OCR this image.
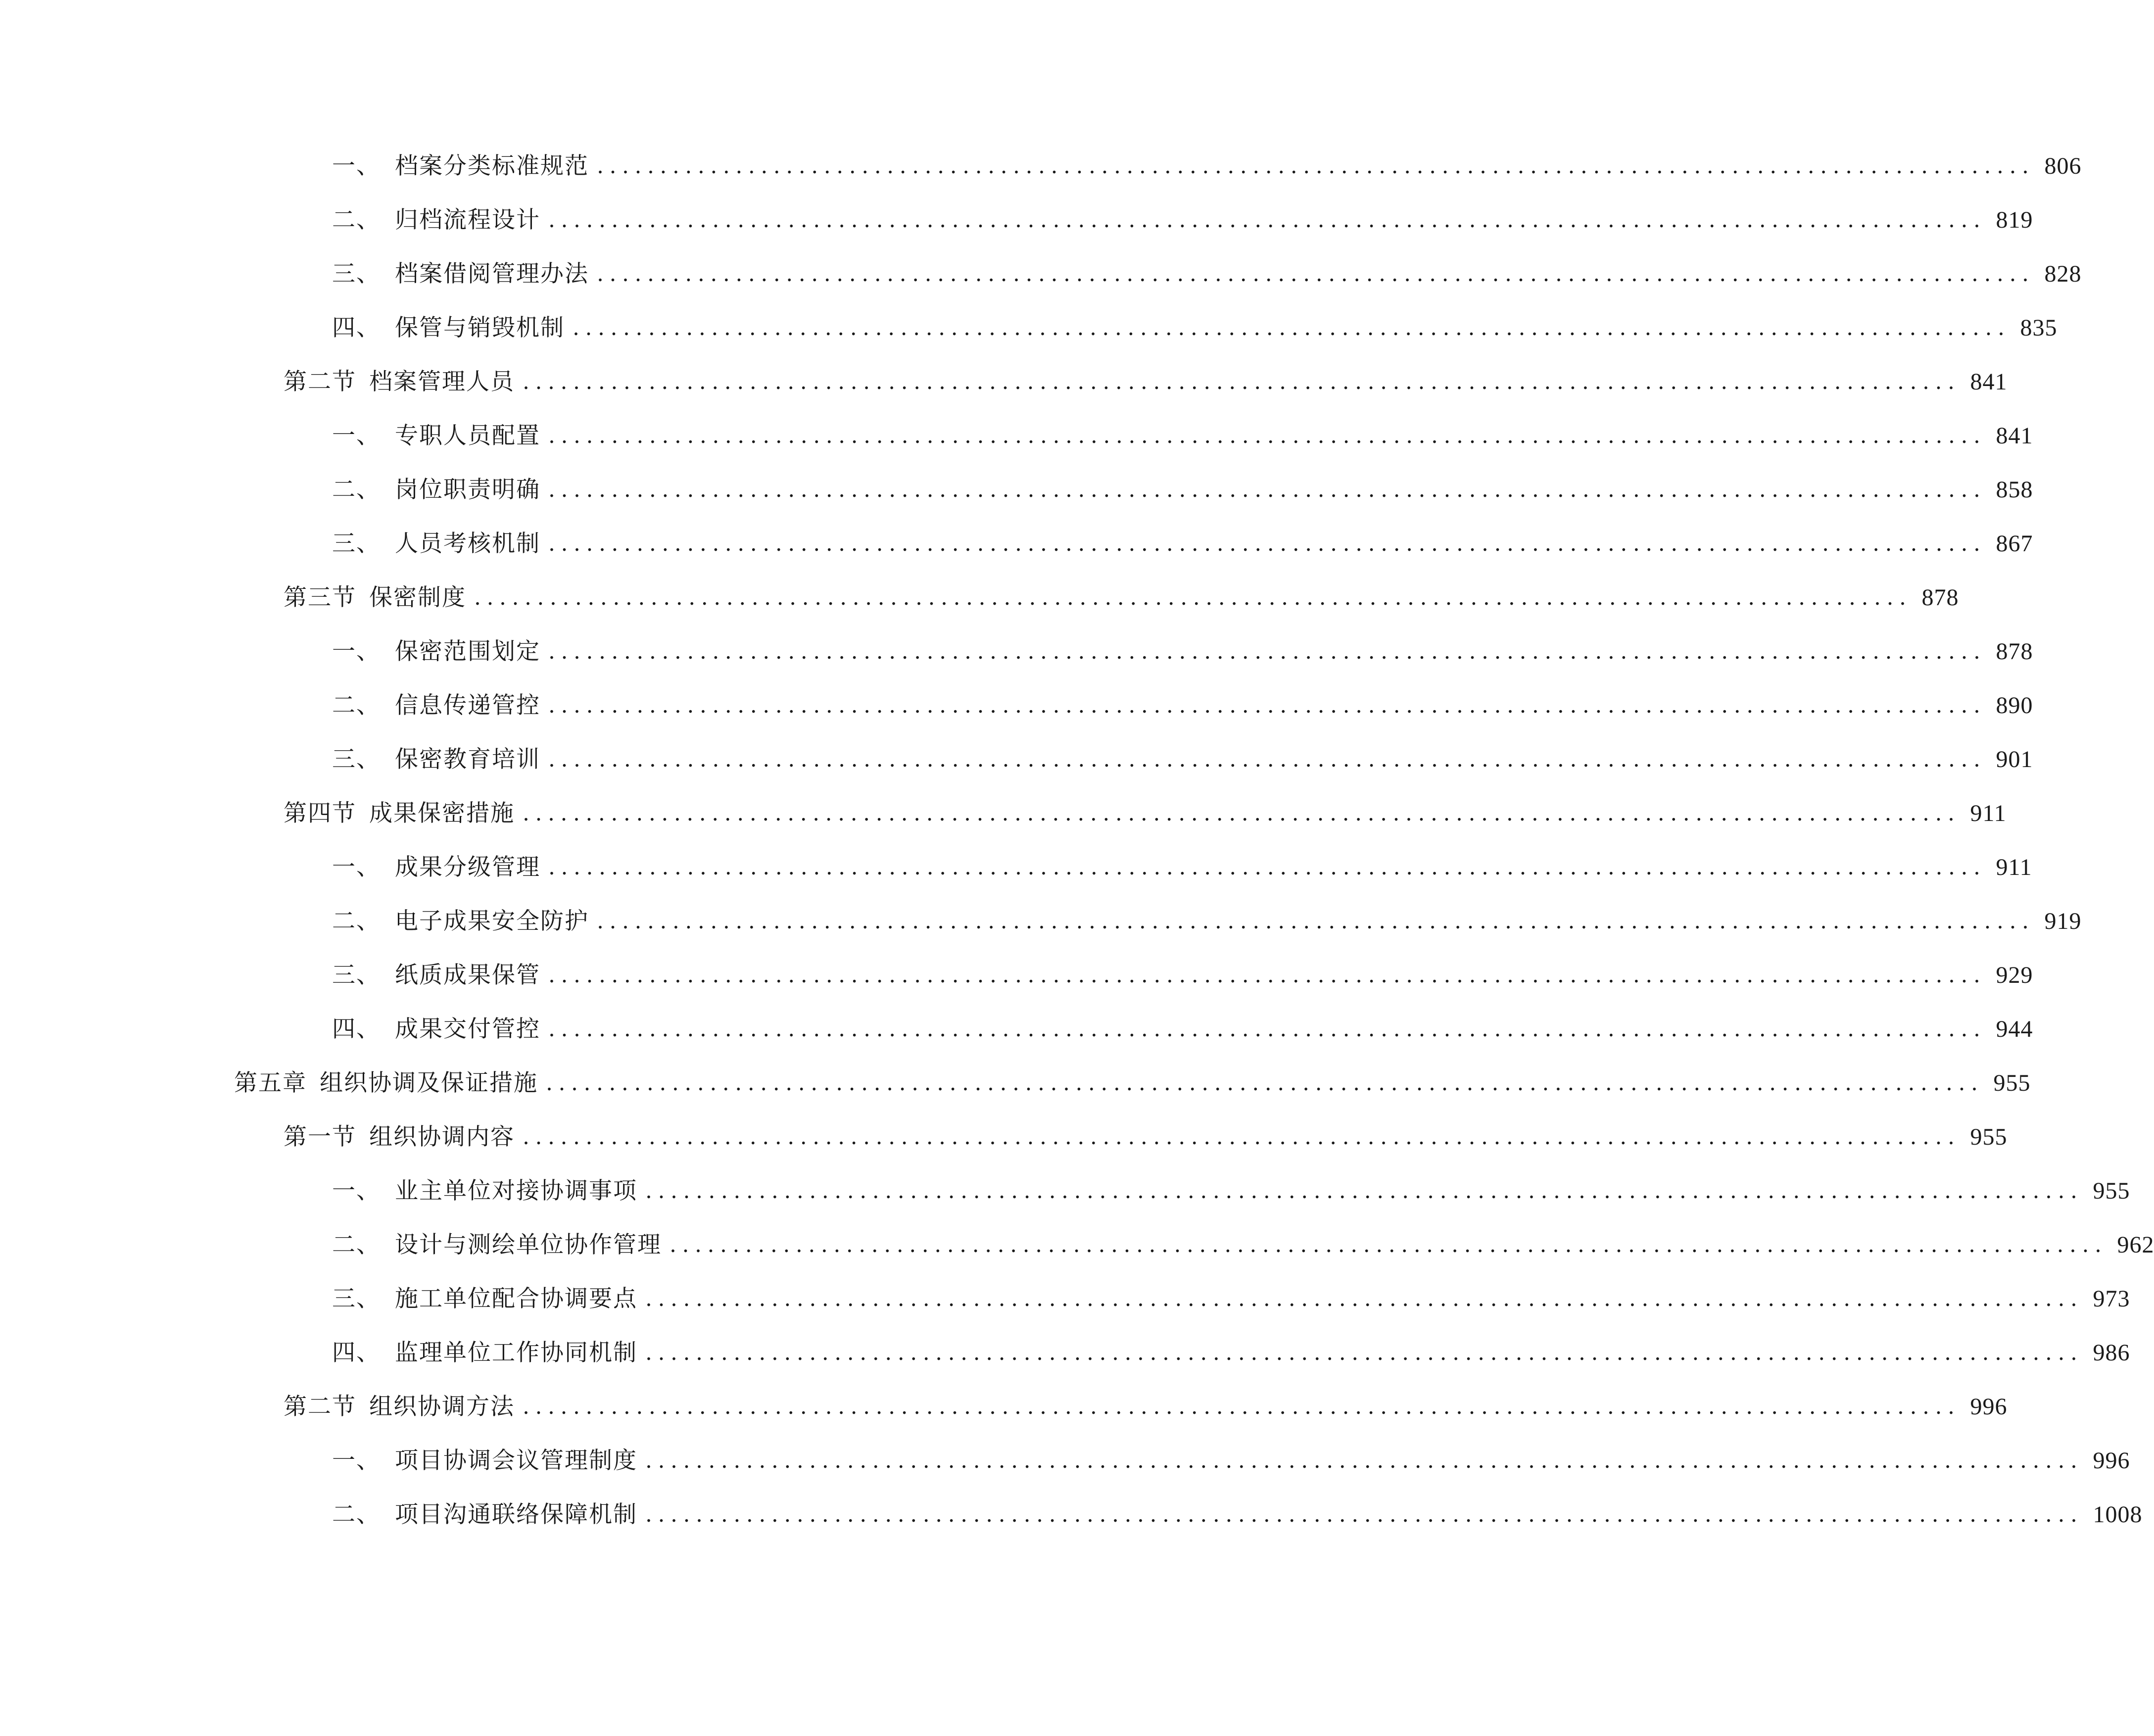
一、 档案分类标准规范 .................................................................................................................. 806
二、 归档流程设计 .................................................................................................................. 819
三、 档案借阅管理办法 .................................................................................................................. 828
四、 保管与销毁机制 .................................................................................................................. 835
第二节 档案管理人员 .................................................................................................................. 841
一、 专职人员配置 .................................................................................................................. 841
二、 岗位职责明确 .................................................................................................................. 858
三、 人员考核机制 .................................................................................................................. 867
第三节 保密制度 .................................................................................................................. 878
一、 保密范围划定 .................................................................................................................. 878
二、 信息传递管控 .................................................................................................................. 890
三、 保密教育培训 .................................................................................................................. 901
第四节 成果保密措施 .................................................................................................................. 911
一、 成果分级管理 .................................................................................................................. 911
二、 电子成果安全防护 .................................................................................................................. 919
三、 纸质成果保管 .................................................................................................................. 929
四、 成果交付管控 .................................................................................................................. 944
第五章 组织协调及保证措施 .................................................................................................................. 955
第一节 组织协调内容 .................................................................................................................. 955
一、 业主单位对接协调事项 .................................................................................................................. 955
二、 设计与测绘单位协作管理 .................................................................................................................. 962
三、 施工单位配合协调要点 .................................................................................................................. 973
四、 监理单位工作协同机制 .................................................................................................................. 986
第二节 组织协调方法 .................................................................................................................. 996
一、 项目协调会议管理制度 .................................................................................................................. 996
二、 项目沟通联络保障机制 .................................................................................................................. 1008
